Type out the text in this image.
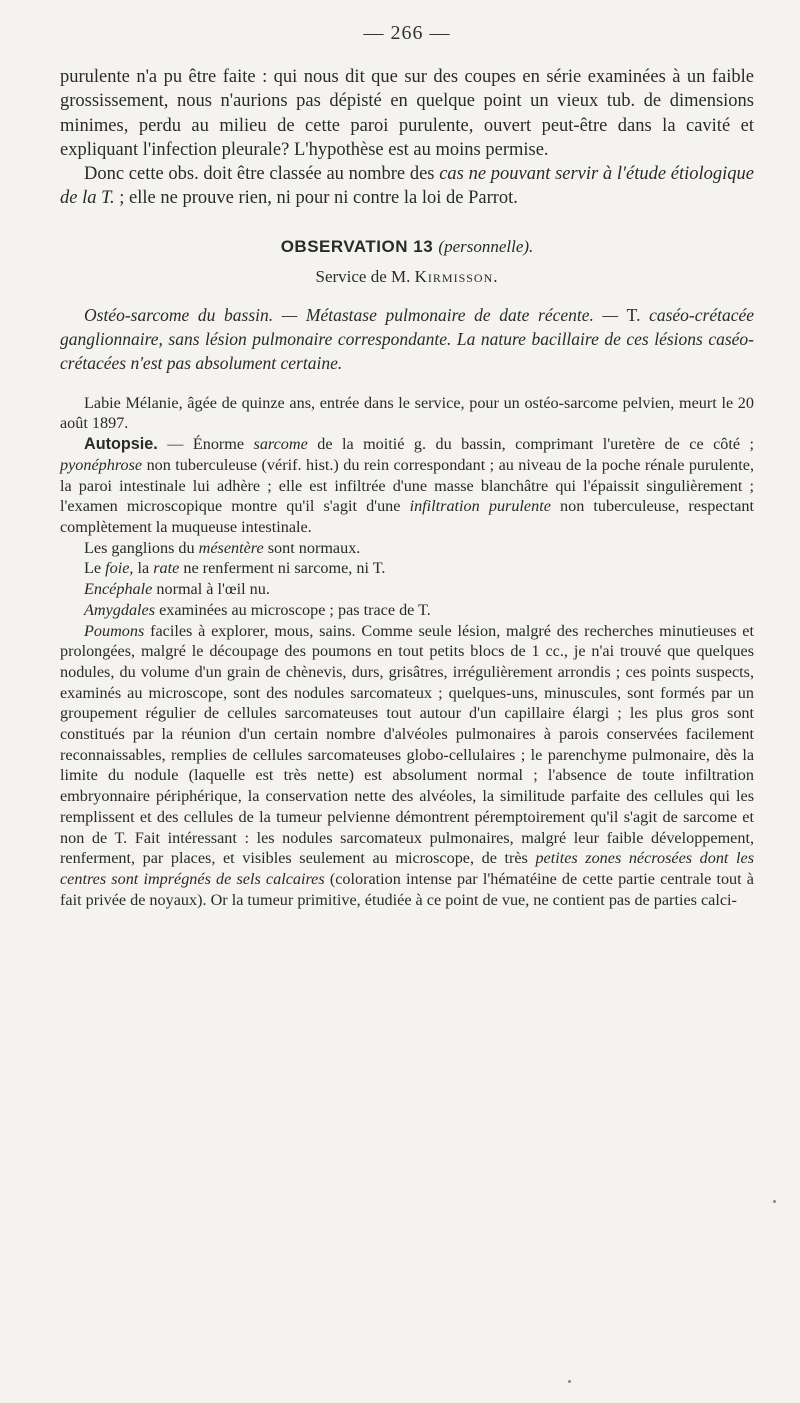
— 266 —

purulente n'a pu être faite : qui nous dit que sur des coupes en série examinées à un faible grossissement, nous n'aurions pas dépisté en quelque point un vieux tub. de dimensions minimes, perdu au milieu de cette paroi purulente, ouvert peut-être dans la cavité et expliquant l'infection pleurale? L'hypothèse est au moins permise.

Donc cette obs. doit être classée au nombre des cas ne pouvant servir à l'étude étiologique de la T. ; elle ne prouve rien, ni pour ni contre la loi de Parrot.

OBSERVATION 13 (personnelle).
Service de M. Kirmisson.

Ostéo-sarcome du bassin. — Métastase pulmonaire de date récente. — T. caséo-crétacée ganglionnaire, sans lésion pulmonaire correspondante. La nature bacillaire de ces lésions caséo-crétacées n'est pas absolument certaine.

Labie Mélanie, âgée de quinze ans, entrée dans le service, pour un ostéo-sarcome pelvien, meurt le 20 août 1897.

Autopsie. — Énorme sarcome de la moitié g. du bassin, comprimant l'uretère de ce côté ; pyonéphrose non tuberculeuse (vérif. hist.) du rein correspondant ; au niveau de la poche rénale purulente, la paroi intestinale lui adhère ; elle est infiltrée d'une masse blanchâtre qui l'épaissit singulièrement ; l'examen microscopique montre qu'il s'agit d'une infiltration purulente non tuberculeuse, respectant complètement la muqueuse intestinale.

Les ganglions du mésentère sont normaux.

Le foie, la rate ne renferment ni sarcome, ni T.

Encéphale normal à l'œil nu.

Amygdales examinées au microscope ; pas trace de T.

Poumons faciles à explorer, mous, sains. Comme seule lésion, malgré des recherches minutieuses et prolongées, malgré le découpage des poumons en tout petits blocs de 1 cc., je n'ai trouvé que quelques nodules, du volume d'un grain de chènevis, durs, grisâtres, irrégulièrement arrondis ; ces points suspects, examinés au microscope, sont des nodules sarcomateux ; quelques-uns, minuscules, sont formés par un groupement régulier de cellules sarcomateuses tout autour d'un capillaire élargi ; les plus gros sont constitués par la réunion d'un certain nombre d'alvéoles pulmonaires à parois conservées facilement reconnaissables, remplies de cellules sarcomateuses globo-cellulaires ; le parenchyme pulmonaire, dès la limite du nodule (laquelle est très nette) est absolument normal ; l'absence de toute infiltration embryonnaire périphérique, la conservation nette des alvéoles, la similitude parfaite des cellules qui les remplissent et des cellules de la tumeur pelvienne démontrent péremptoirement qu'il s'agit de sarcome et non de T. Fait intéressant : les nodules sarcomateux pulmonaires, malgré leur faible développement, renferment, par places, et visibles seulement au microscope, de très petites zones nécrosées dont les centres sont imprégnés de sels calcaires (coloration intense par l'hématéine de cette partie centrale tout à fait privée de noyaux). Or la tumeur primitive, étudiée à ce point de vue, ne contient pas de parties calci-
